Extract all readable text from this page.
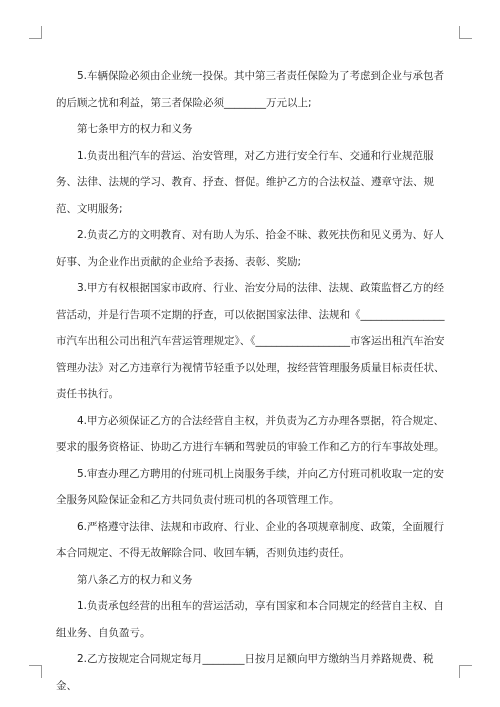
5.车辆保险必须由企业统一投保。其中第三者责任保险为了考虑到企业与承包者的后顾之忧和利益，第三者保险必须________万元以上;

第七条甲方的权力和义务

1.负责出租汽车的营运、治安管理，对乙方进行安全行车、交通和行业规范服务、法律、法规的学习、教育、抒查、督促。维护乙方的合法权益、遵章守法、规范、文明服务;

2.负责乙方的文明教育、对有助人为乐、拾金不昧、救死扶伤和见义勇为、好人好事、为企业作出贡献的企业给予表扬、表彰、奖励;

3.甲方有权根据国家市政府、行业、治安分局的法律、法规、政策监督乙方的经营活动，并是行告项不定期的抒查，可以依据国家法律、法规和《________________市汽车出租公司出租汽车营运管理规定》、《__________________市客运出租汽车治安管理办法》对乙方违章行为视情节轻重予以处理，按经营管理服务质量目标责任状、责任书执行。

4.甲方必须保证乙方的合法经营自主权，并负责为乙方办理各票据，符合规定、要求的服务资格证、协助乙方进行车辆和驾驶员的审验工作和乙方的行车事故处理。

5.审查办理乙方聘用的付班司机上岗服务手续，并向乙方付班司机收取一定的安全服务风险保证金和乙方共同负责付班司机的各项管理工作。

6.严格遵守法律、法规和市政府、行业、企业的各项规章制度、政策，全面履行本合同规定、不得无故解除合同、收回车辆，否则负违约责任。

第八条乙方的权力和义务

1.负责承包经营的出租车的营运活动，享有国家和本合同规定的经营自主权、自组业务、自负盈亏。

2.乙方按规定合同规定每月________日按月足额向甲方缴纳当月养路规费、税金、
